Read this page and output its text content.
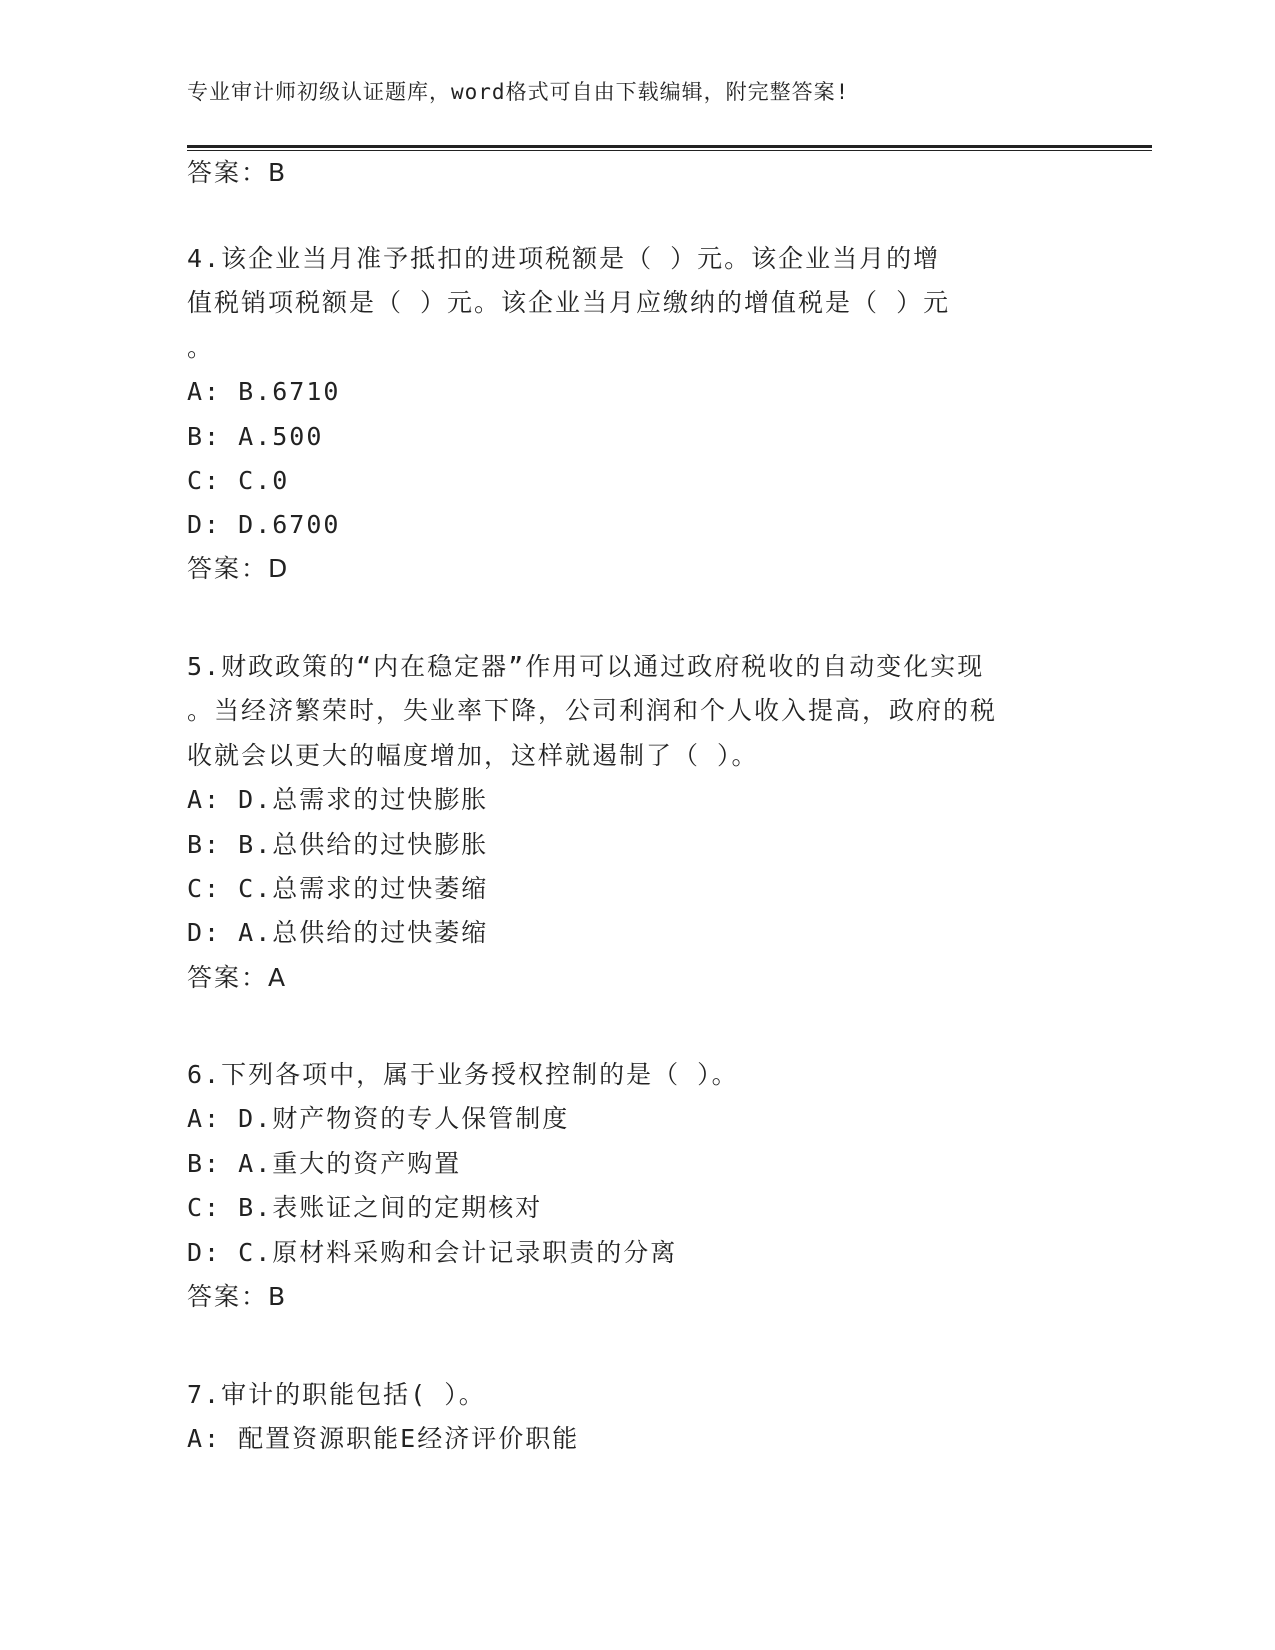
专业审计师初级认证题库，word格式可自由下载编辑，附完整答案!
答案：B
4.该企业当月准予抵扣的进项税额是（ ）元。该企业当月的增
值税销项税额是（ ）元。该企业当月应缴纳的增值税是（ ）元
。
A: B.6710
B: A.500
C: C.0
D: D.6700
答案：D
5.财政政策的“内在稳定器”作用可以通过政府税收的自动变化实现
。当经济繁荣时，失业率下降，公司利润和个人收入提高，政府的税
收就会以更大的幅度增加，这样就遏制了（ ）。
A: D.总需求的过快膨胀
B: B.总供给的过快膨胀
C: C.总需求的过快萎缩
D: A.总供给的过快萎缩
答案：A
6.下列各项中，属于业务授权控制的是（ ）。
A: D.财产物资的专人保管制度
B: A.重大的资产购置
C: B.表账证之间的定期核对
D: C.原材料采购和会计记录职责的分离
答案：B
7.审计的职能包括( ）。
A: 配置资源职能E经济评价职能
